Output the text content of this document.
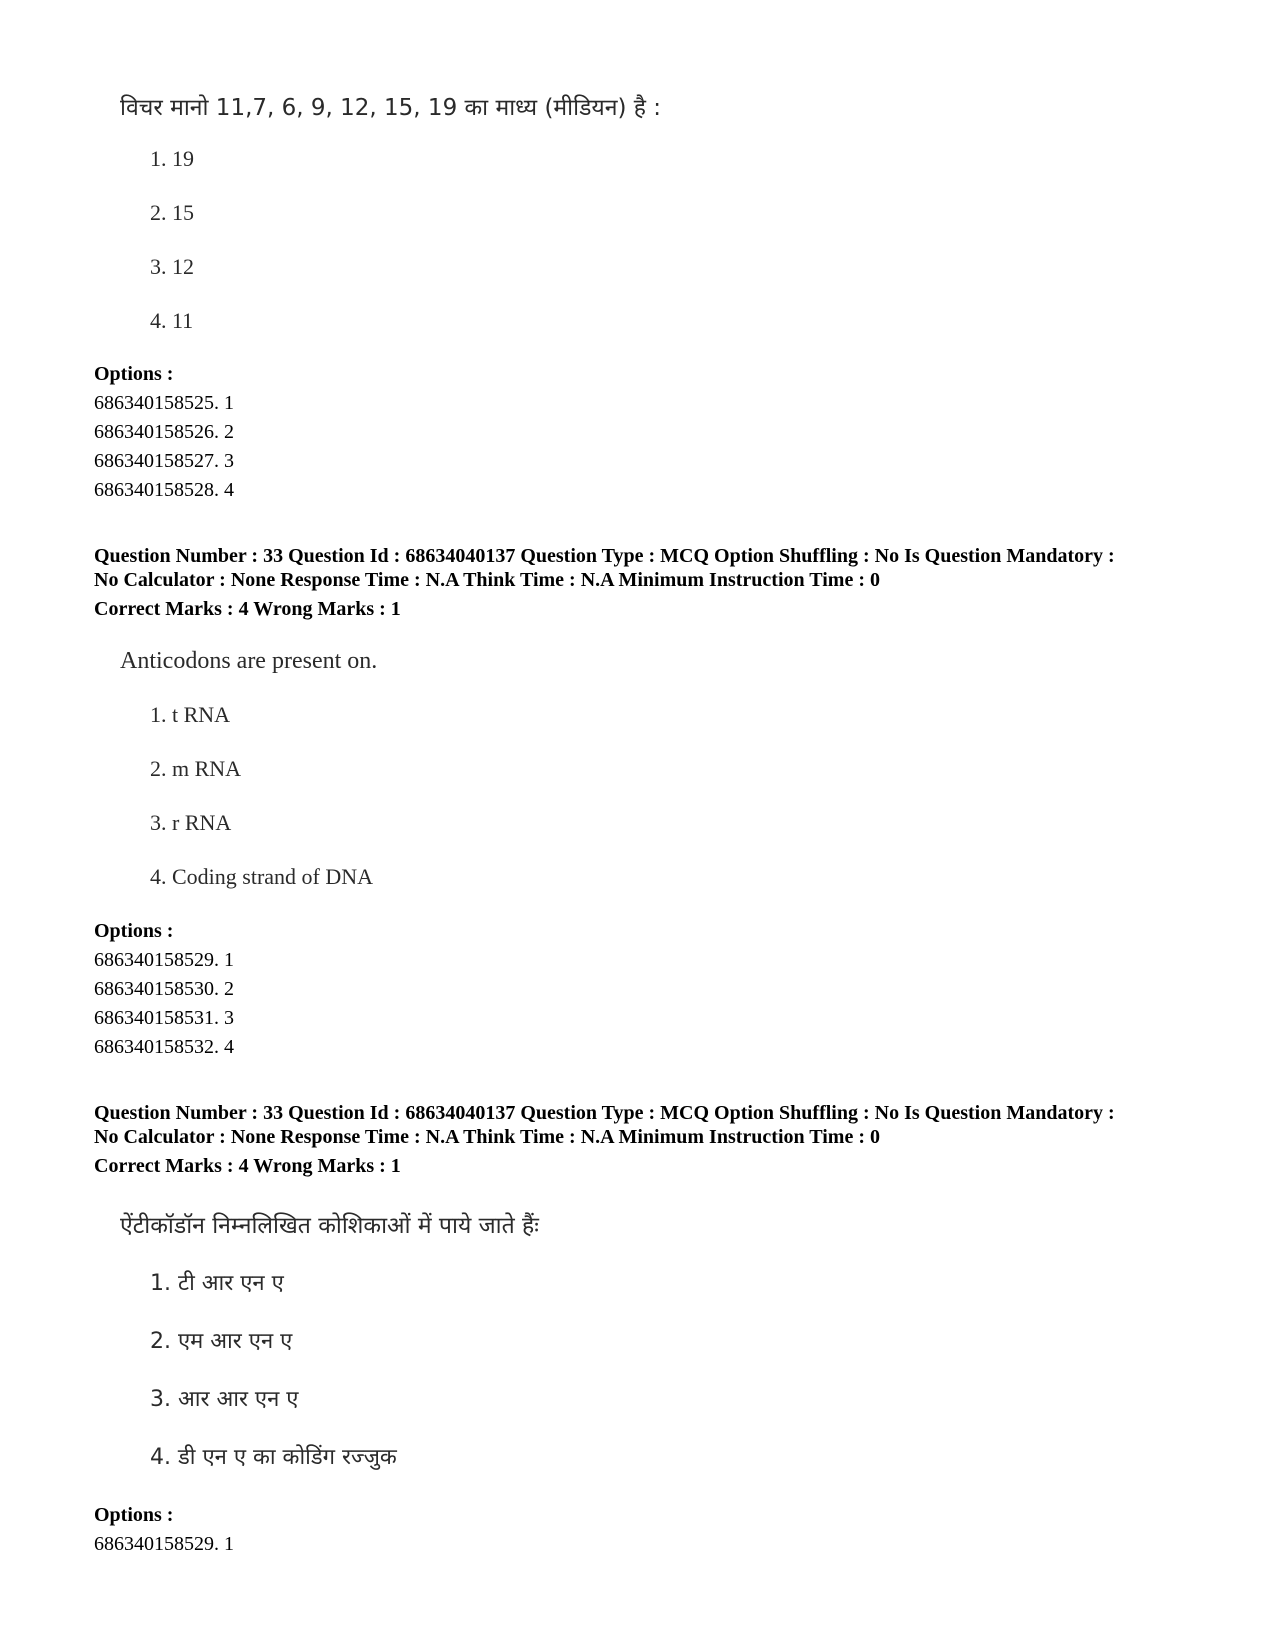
विचर मानो 11,7, 6, 9, 12, 15, 19 का माध्य (मीडियन) है :
1. 19
2. 15
3. 12
4. 11
Options :
686340158525. 1
686340158526. 2
686340158527. 3
686340158528. 4
Question Number : 33 Question Id : 68634040137 Question Type : MCQ Option Shuffling : No Is Question Mandatory :
No Calculator : None Response Time : N.A Think Time : N.A Minimum Instruction Time : 0
Correct Marks : 4 Wrong Marks : 1
Anticodons are present on.
1. t RNA
2. m RNA
3. r RNA
4. Coding strand of DNA
Options :
686340158529. 1
686340158530. 2
686340158531. 3
686340158532. 4
Question Number : 33 Question Id : 68634040137 Question Type : MCQ Option Shuffling : No Is Question Mandatory :
No Calculator : None Response Time : N.A Think Time : N.A Minimum Instruction Time : 0
Correct Marks : 4 Wrong Marks : 1
ऐंटीकॉडॉन निम्नलिखित कोशिकाओं में पाये जाते हैंः
1. टी आर एन ए
2. एम आर एन ए
3. आर आर एन ए
4. डी एन ए का कोडिंग रज्जुक
Options :
686340158529. 1
